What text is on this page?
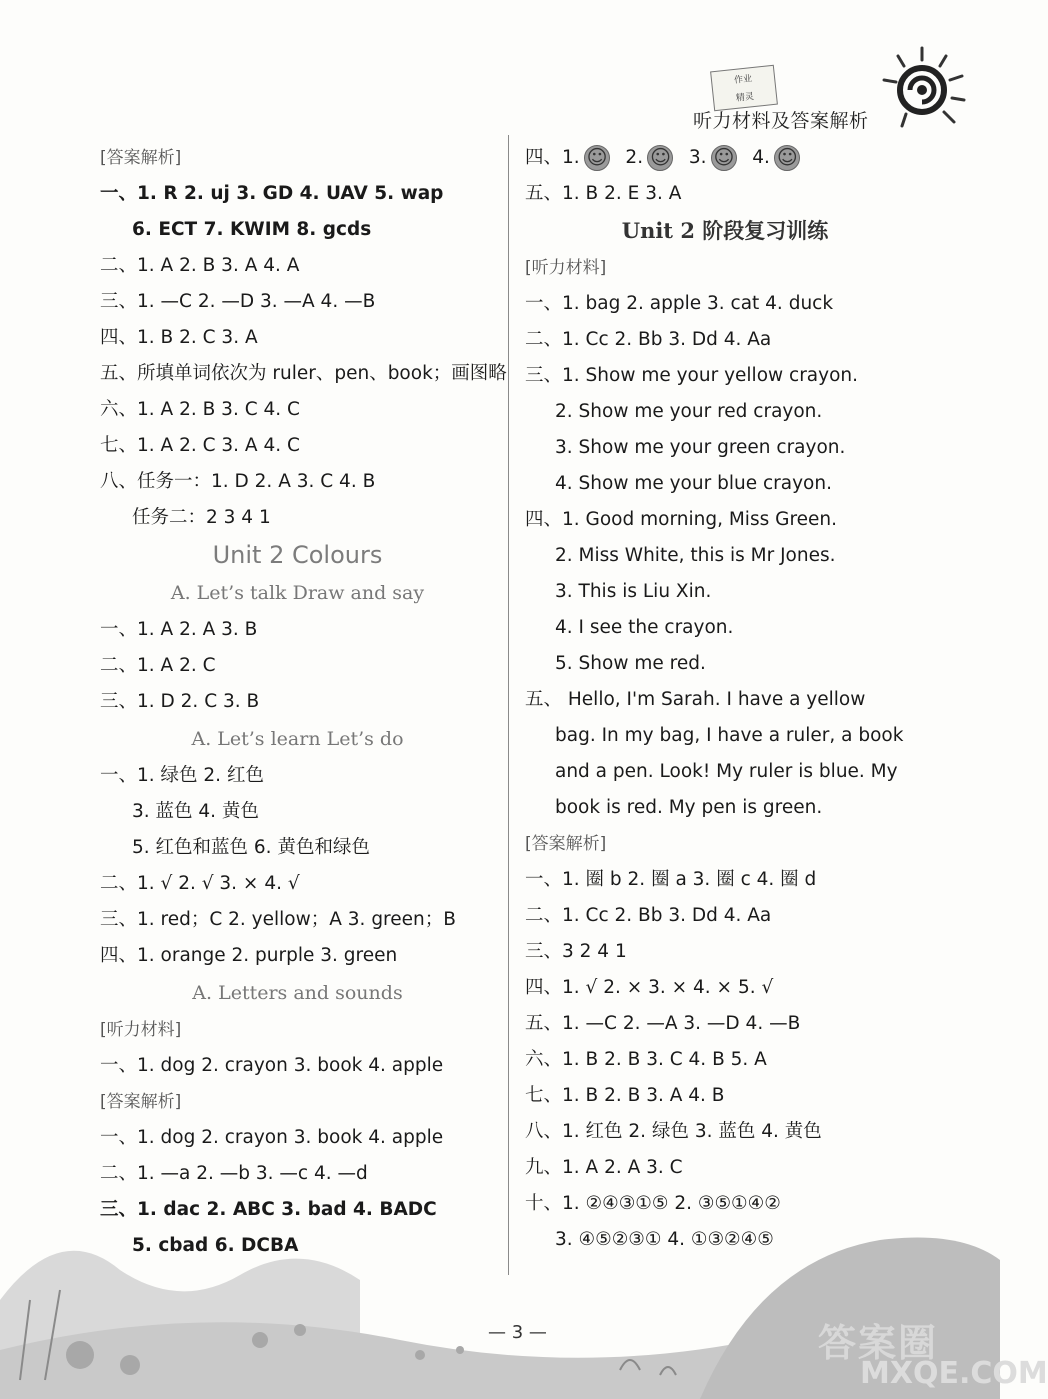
作业
精灵
听力材料及答案解析
[答案解析]
一、1. R 2. uj 3. GD 4. UAV 5. wap
6. ECT 7. KWIM 8. gcds
二、1. A 2. B 3. A 4. A
三、1. —C 2. —D 3. —A 4. —B
四、1. B 2. C 3. A
五、所填单词依次为 ruler、pen、book；画图略
六、1. A 2. B 3. C 4. C
七、1. A 2. C 3. A 4. C
八、任务一：1. D 2. A 3. C 4. B
任务二：2 3 4 1
Unit 2 Colours
A. Let’s talk Draw and say
一、1. A 2. A 3. B
二、1. A 2. C
三、1. D 2. C 3. B
A. Let’s learn Let’s do
一、1. 绿色 2. 红色
3. 蓝色 4. 黄色
5. 红色和蓝色 6. 黄色和绿色
二、1. √ 2. √ 3. × 4. √
三、1. red；C 2. yellow；A 3. green；B
四、1. orange 2. purple 3. green
A. Letters and sounds
[听力材料]
一、1. dog 2. crayon 3. book 4. apple
[答案解析]
一、1. dog 2. crayon 3. book 4. apple
二、1. —a 2. —b 3. —c 4. —d
三、1. dac 2. ABC 3. bad 4. BADC
5. cbad 6. DCBA
四、1. ☺ 2. ☺ 3. ☺ 4.☺
五、1. B 2. E 3. A
Unit 2 阶段复习训练
[听力材料]
一、1. bag 2. apple 3. cat 4. duck
二、1. Cc 2. Bb 3. Dd 4. Aa
三、1. Show me your yellow crayon.
2. Show me your red crayon.
3. Show me your green crayon.
4. Show me your blue crayon.
四、1. Good morning, Miss Green.
2. Miss White, this is Mr Jones.
3. This is Liu Xin.
4. I see the crayon.
5. Show me red.
五、 Hello, I'm Sarah. I have a yellow
bag. In my bag, I have a ruler, a book
and a pen. Look! My ruler is blue. My
book is red. My pen is green.
[答案解析]
一、1. 圈 b 2. 圈 a 3. 圈 c 4. 圈 d
二、1. Cc 2. Bb 3. Dd 4. Aa
三、3 2 4 1
四、1. √ 2. × 3. × 4. × 5. √
五、1. —C 2. —A 3. —D 4. —B
六、1. B 2. B 3. C 4. B 5. A
七、1. B 2. B 3. A 4. B
八、1. 红色 2. 绿色 3. 蓝色 4. 黄色
九、1. A 2. A 3. C
十、1. ②④③①⑤ 2. ③⑤①④②
3. ④⑤②③① 4. ①③②④⑤
— 3 —	答案圈
MXQE.COM
